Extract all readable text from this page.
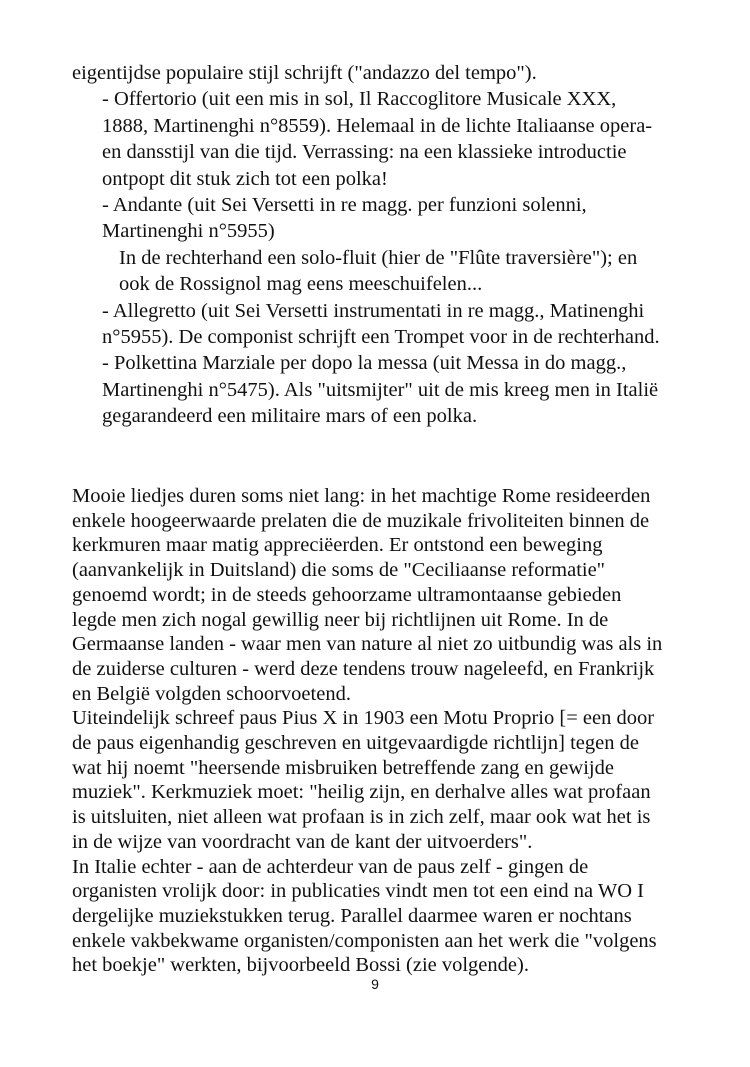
eigentijdse populaire stijl schrijft ("andazzo del tempo").
- Offertorio (uit een mis in sol, Il Raccoglitore Musicale XXX,
1888, Martinenghi n°8559). Helemaal in de lichte Italiaanse opera-
en dansstijl van die tijd. Verrassing: na een klassieke introductie
ontpopt dit stuk zich tot een polka!
- Andante (uit Sei Versetti in re magg. per funzioni solenni,
Martinenghi n°5955)
In de rechterhand een solo-fluit (hier de "Flûte traversière"); en
ook de Rossignol mag eens meeschuifelen...
- Allegretto (uit Sei Versetti instrumentati in re magg., Matinenghi
n°5955). De componist schrijft een Trompet voor in de rechterhand.
- Polkettina Marziale per dopo la messa (uit Messa in do magg.,
Martinenghi n°5475). Als "uitsmijter" uit de mis kreeg men in Italië
gegarandeerd een militaire mars of een polka.
Mooie liedjes duren soms niet lang: in het machtige Rome resideerden
enkele hoogeerwaarde prelaten die de muzikale frivoliteiten binnen de
kerkmuren maar matig appreciëerden. Er ontstond een beweging
(aanvankelijk in Duitsland) die soms de "Ceciliaanse reformatie"
genoemd wordt; in de steeds gehoorzame ultramontaanse gebieden
legde men zich nogal gewillig neer bij richtlijnen uit Rome. In de
Germaanse landen - waar men van nature al niet zo uitbundig was als in
de zuiderse culturen - werd deze tendens trouw nageleefd, en Frankrijk
en België volgden schoorvoetend.
Uiteindelijk schreef paus Pius X in 1903 een Motu Proprio [= een door
de paus eigenhandig geschreven en uitgevaardigde richtlijn] tegen de
wat hij noemt "heersende misbruiken betreffende zang en gewijde
muziek". Kerkmuziek moet: "heilig zijn, en derhalve alles wat profaan
is uitsluiten, niet alleen wat profaan is in zich zelf, maar ook wat het is
in de wijze van voordracht van de kant der uitvoerders".
In Italie echter - aan de achterdeur van de paus zelf - gingen de
organisten vrolijk door: in publicaties vindt men tot een eind na WO I
dergelijke muziekstukken terug. Parallel daarmee waren er nochtans
enkele vakbekwame organisten/componisten aan het werk die "volgens
het boekje" werkten, bijvoorbeeld Bossi (zie volgende).
9
